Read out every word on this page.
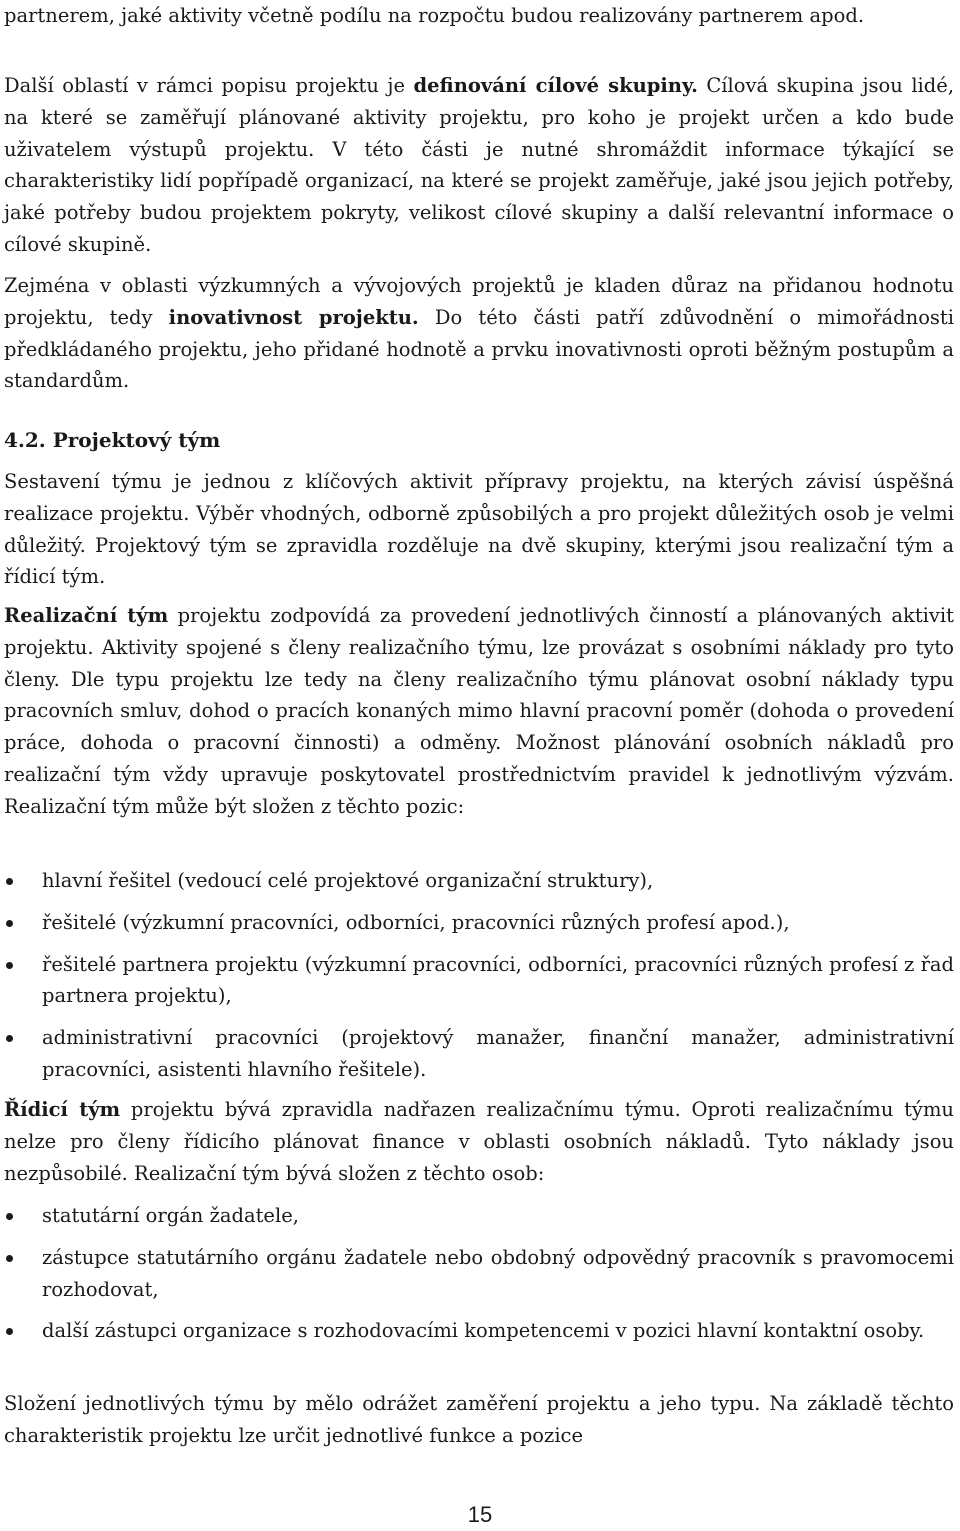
partnerem, jaké aktivity včetně podílu na rozpočtu budou realizovány partnerem apod.

Další oblastí v rámci popisu projektu je definování cílové skupiny. Cílová skupina jsou lidé, na které se zaměřují plánované aktivity projektu, pro koho je projekt určen a kdo bude uživatelem výstupů projektu. V této části je nutné shromáždit informace týkající se charakteristiky lidí popřípadě organizací, na které se projekt zaměřuje, jaké jsou jejich potřeby, jaké potřeby budou projektem pokryty, velikost cílové skupiny a další relevantní informace o cílové skupině.

Zejména v oblasti výzkumných a vývojových projektů je kladen důraz na přidanou hodnotu projektu, tedy inovativnost projektu. Do této části patří zdůvodnění o mimořádnosti předkládaného projektu, jeho přidané hodnotě a prvku inovativnosti oproti běžným postupům a standardům.

4.2. Projektový tým

Sestavení týmu je jednou z klíčových aktivit přípravy projektu, na kterých závisí úspěšná realizace projektu. Výběr vhodných, odborně způsobilých a pro projekt důležitých osob je velmi důležitý. Projektový tým se zpravidla rozděluje na dvě skupiny, kterými jsou realizační tým a řídicí tým.

Realizační tým projektu zodpovídá za provedení jednotlivých činností a plánovaných aktivit projektu. Aktivity spojené s členy realizačního týmu, lze provázat s osobními náklady pro tyto členy. Dle typu projektu lze tedy na členy realizačního týmu plánovat osobní náklady typu pracovních smluv, dohod o pracích konaných mimo hlavní pracovní poměr (dohoda o provedení práce, dohoda o pracovní činnosti) a odměny. Možnost plánování osobních nákladů pro realizační tým vždy upravuje poskytovatel prostřednictvím pravidel k jednotlivým výzvám. Realizační tým může být složen z těchto pozic:

hlavní řešitel (vedoucí celé projektové organizační struktury),
řešitelé (výzkumní pracovníci, odborníci, pracovníci různých profesí apod.),
řešitelé partnera projektu (výzkumní pracovníci, odborníci, pracovníci různých profesí z řad partnera projektu),
administrativní pracovníci (projektový manažer, finanční manažer, administrativní pracovníci, asistenti hlavního řešitele).

Řídicí tým projektu bývá zpravidla nadřazen realizačnímu týmu. Oproti realizačnímu týmu nelze pro členy řídicího plánovat finance v oblasti osobních nákladů. Tyto náklady jsou nezpůsobilé. Realizační tým bývá složen z těchto osob:

statutární orgán žadatele,
zástupce statutárního orgánu žadatele nebo obdobný odpovědný pracovník s pravomocemi rozhodovat,
další zástupci organizace s rozhodovacími kompetencemi v pozici hlavní kontaktní osoby.

Složení jednotlivých týmu by mělo odrážet zaměření projektu a jeho typu. Na základě těchto charakteristik projektu lze určit jednotlivé funkce a pozice

15
